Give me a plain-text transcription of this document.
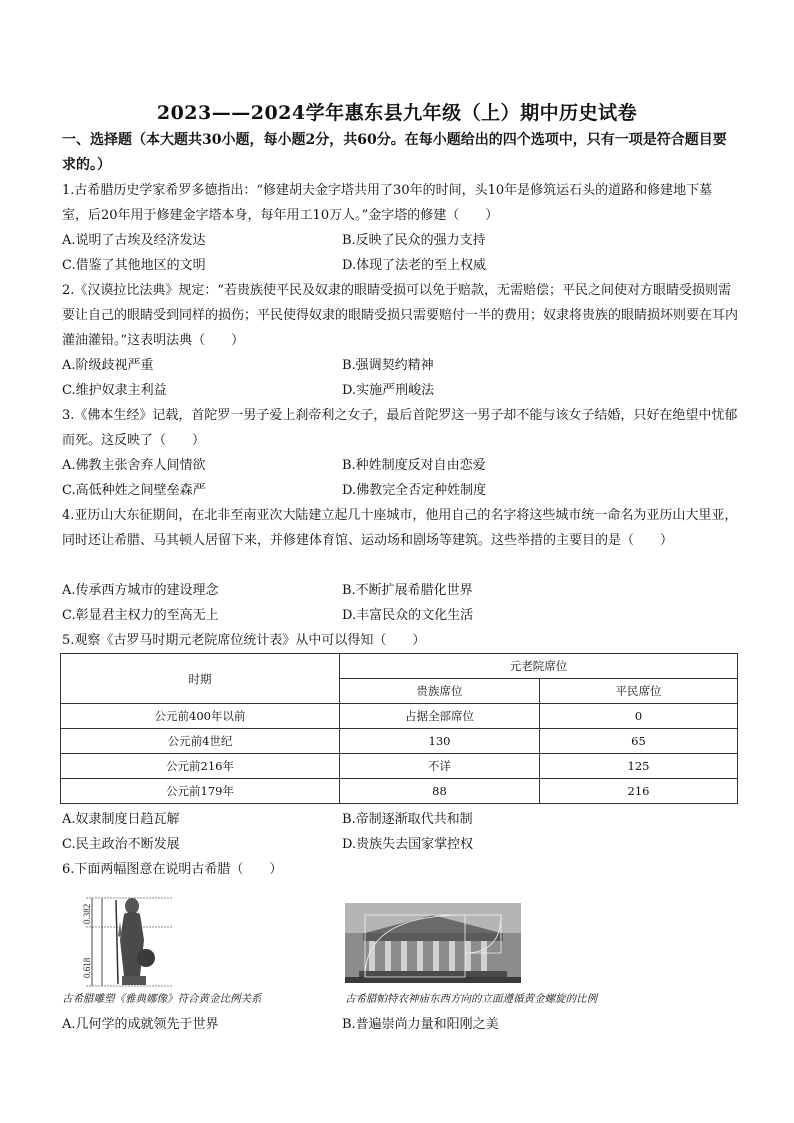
2023——2024学年惠东县九年级（上）期中历史试卷
一、选择题（本大题共30小题，每小题2分，共60分。在每小题给出的四个选项中，只有一项是符合题目要求的。）
1.古希腊历史学家希罗多德指出：“修建胡夫金字塔共用了30年的时间，头10年是修筑运石头的道路和修建地下墓室，后20年用于修建金字塔本身，每年用工10万人。”金字塔的修建（　　）
A.说明了古埃及经济发达	B.反映了民众的强力支持
C.借鉴了其他地区的文明	D.体现了法老的至上权威
2.《汉谟拉比法典》规定：“若贵族使平民及奴隶的眼睛受损可以免于赔款，无需赔偿；平民之间使对方眼睛受损则需要让自己的眼睛受到同样的损伤；平民使得奴隶的眼睛受损只需要赔付一半的费用；奴隶将贵族的眼睛损坏则要在耳内灌油灌铅。”这表明法典（　　）
A.阶级歧视严重	B.强调契约精神
C.维护奴隶主利益	D.实施严刑峻法
3.《佛本生经》记载，首陀罗一男子爱上刹帝利之女子，最后首陀罗这一男子却不能与该女子结婚，只好在绝望中忧郁而死。这反映了（　　）
A.佛教主张舍弃人间情欲	B.种姓制度反对自由恋爱
C.高低种姓之间壁垒森严	D.佛教完全否定种姓制度
4.亚历山大东征期间，在北非至南亚次大陆建立起几十座城市，他用自己的名字将这些城市统一命名为亚历山大里亚，同时还让希腊、马其顿人居留下来，并修建体育馆、运动场和剧场等建筑。这些举措的主要目的是（　　）
A.传承西方城市的建设理念	B.不断扩展希腊化世界
C.彰显君主权力的至高无上	D.丰富民众的文化生活
5.观察《古罗马时期元老院席位统计表》从中可以得知（　　）
时期	元老院席位	
	贵族席位	平民席位
公元前400年以前	占据全部席位	0
公元前4世纪	130	65
公元前216年	不详	125
公元前179年	88	216
A.奴隶制度日趋瓦解	B.帝制逐渐取代共和制
C.民主政治不断发展	D.贵族失去国家掌控权
6.下面两幅图意在说明古希腊（　　）
0.382
0.618
古希腊雕塑《雅典娜像》符合黄金比例关系	古希腊帕特农神庙东西方向的立面遵循黄金螺旋的比例
A.几何学的成就领先于世界	B.普遍崇尚力量和阳刚之美
